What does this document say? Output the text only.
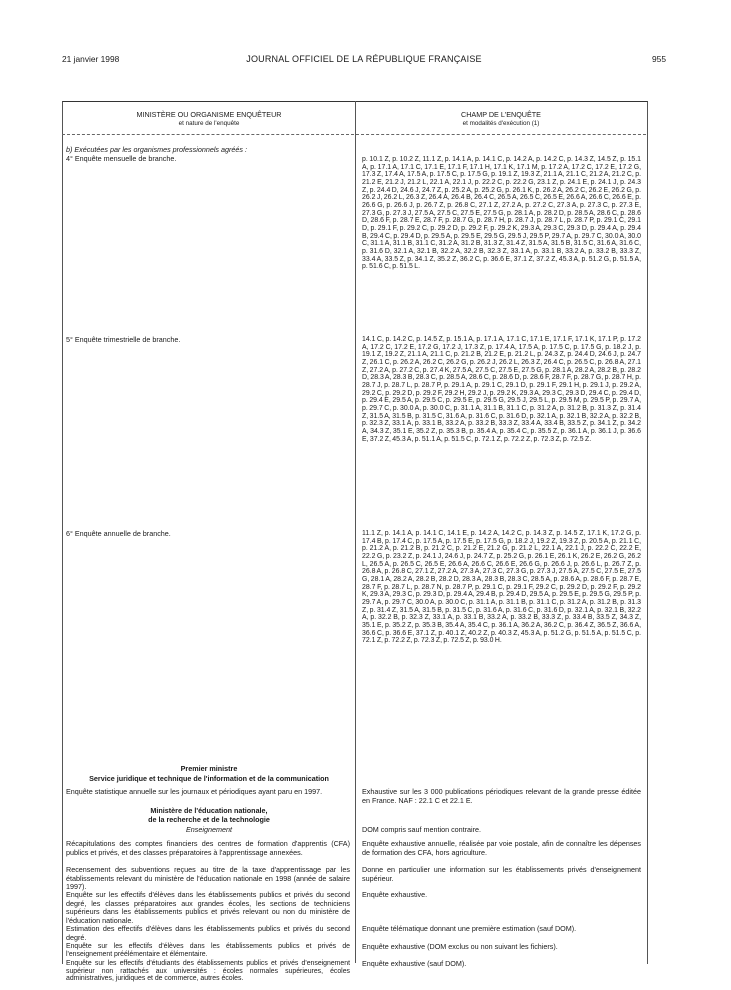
21 janvier 1998	JOURNAL OFFICIEL DE LA RÉPUBLIQUE FRANÇAISE	955
MINISTÈRE OU ORGANISME ENQUÊTEUR
et nature de l'enquête
CHAMP DE L'ENQUÊTE
et modalités d'exécution (1)
b) Exécutées par les organismes professionnels agréés :
4° Enquête mensuelle de branche.	p. 10.1 Z, p. 10.2 Z, 11.1 Z, p. 14.1 A, p. 14.1 C, p. 14.2 A, p. 14.2 C, p. 14.3 Z, 14.5 Z, p. 15.1 A, p. 17.1 A, 17.1 C, 17.1 E, 17.1 F, 17.1 H, 17.1 K, 17.1 M, p. 17.2 A, 17.2 C, 17.2 E, 17.2 G, 17.3 Z, 17.4 A, 17.5 A, p. 17.5 C, p. 17.5 G, p. 19.1 Z, 19.3 Z, 21.1 A, 21.1 C, 21.2 A, 21.2 C, p. 21.2 E, 21.2 J, 21.2 L, 22.1 A, 22.1 J, p. 22.2 C, p. 22.2 G, 23.1 Z, p. 24.1 E, p. 24.1 J, p. 24.3 Z, p. 24.4 D, 24.6 J, 24.7 Z, p. 25.2 A, p. 25.2 G, p. 26.1 K, p. 26.2 A, 26.2 C, 26.2 E, 26.2 G, p. 26.2 J, 26.2 L, 26.3 Z, 26.4 A, 26.4 B, 26.4 C, 26.5 A, 26.5 C, 26.5 E, 26.6 A, 26.6 C, 26.6 E, p. 26.6 G, p. 26.6 J, p. 26.7 Z, p. 26.8 C, 27.1 Z, 27.2 A, p. 27.2 C, 27.3 A, p. 27.3 C, p. 27.3 E, 27.3 G, p. 27.3 J, 27.5 A, 27.5 C, 27.5 E, 27.5 G, p. 28.1 A, p. 28.2 D, p. 28.5 A, 28.6 C, p. 28.6 D, 28.6 F, p. 28.7 E, 28.7 F, p. 28.7 G, p. 28.7 H, p. 28.7 J, p. 28.7 L, p. 28.7 P, p. 29.1 C, 29.1 D, p. 29.1 F, p. 29.2 C, p. 29.2 D, p. 29.2 F, p. 29.2 K, 29.3 A, 29.3 C, 29.3 D, p. 29.4 A, p. 29.4 B, 29.4 C, p. 29.4 D, p. 29.5 A, p. 29.5 E, 29.5 G, 29.5 J, 29.5 P, 29.7 A, p. 29.7 C, 30.0 A, 30.0 C, 31.1 A, 31.1 B, 31.1 C, 31.2 A, 31.2 B, 31.3 Z, 31.4 Z, 31.5 A, 31.5 B, 31.5 C, 31.6 A, 31.6 C, p. 31.6 D, 32.1 A, 32.1 B, 32.2 A, 32.2 B, 32.3 Z, 33.1 A, p. 33.1 B, 33.2 A, p. 33.2 B, 33.3 Z, 33.4 A, 33.5 Z, p. 34.1 Z, 35.2 Z, 36.2 C, p. 36.6 E, 37.1 Z, 37.2 Z, 45.3 A, p. 51.2 G, p. 51.5 A, p. 51.6 C, p. 51.5 L.
5° Enquête trimestrielle de branche.	14.1 C, p. 14.2 C, p. 14.5 Z, p. 15.1 A, p. 17.1 A, 17.1 C, 17.1 E, 17.1 F, 17.1 K, 17.1 P, p. 17.2 A, 17.2 C, 17.2 E, 17.2 G, 17.2 J, 17.3 Z, p. 17.4 A, 17.5 A, p. 17.5 C, p. 17.5 G, p. 18.2 J, p. 19.1 Z, 19.2 Z, 21.1 A, 21.1 C, p. 21.2 B, 21.2 E, p. 21.2 L, p. 24.3 Z, p. 24.4 D, 24.6 J, p. 24.7 Z, 26.1 C, p. 26.2 A, 26.2 C, 26.2 G, p. 26.2 J, 26.2 L, 26.3 Z, 26.4 C, p. 26.5 C, p. 26.8 A, 27.1 Z, 27.2 A, p. 27.2 C, p. 27.4 K, 27.5 A, 27.5 C, 27.5 E, 27.5 G, p. 28.1 A, 28.2 A, 28.2 B, p. 28.2 D, 28.3 A, 28.3 B, 28.3 C, p. 28.5 A, 28.6 C, p. 28.6 D, p. 28.6 F, 28.7 F, p. 28.7 G, p. 28.7 H, p. 28.7 J, p. 28.7 L, p. 28.7 P, p. 29.1 A, p. 29.1 C, 29.1 D, p. 29.1 F, 29.1 H, p. 29.1 J, p. 29.2 A, 29.2 C, p. 29.2 D, p. 29.2 F, 29.2 H, 29.2 J, p. 29.2 K, 29.3 A, 29.3 C, 29.3 D, 29.4 C, p. 29.4 D, p. 29.4 E, 29.5 A, p. 29.5 C, p. 29.5 E, p. 29.5 G, 29.5 J, 29.5 L, p. 29.5 M, p. 29.5 P, p. 29.7 A, p. 29.7 C, p. 30.0 A, p. 30.0 C, p. 31.1 A, 31.1 B, 31.1 C, p. 31.2 A, p. 31.2 B, p. 31.3 Z, p. 31.4 Z, 31.5 A, 31.5 B, p. 31.5 C, 31.6 A, p. 31.6 C, p. 31.6 D, p. 32.1 A, p. 32.1 B, 32.2 A, p. 32.2 B, p. 32.3 Z, 33.1 A, p. 33.1 B, 33.2 A, p. 33.2 B, 33.3 Z, 33.4 A, 33.4 B, 33.5 Z, p. 34.1 Z, p. 34.2 A, 34.3 Z, 35.1 E, 35.2 Z, p. 35.3 B, p. 35.4 A, p. 35.4 C, p. 35.5 Z, p. 36.1 A, p. 36.1 J, p. 36.6 E, 37.2 Z, 45.3 A, p. 51.1 A, p. 51.5 C, p. 72.1 Z, p. 72.2 Z, p. 72.3 Z, p. 72.5 Z.
6° Enquête annuelle de branche.	11.1 Z, p. 14.1 A, p. 14.1 C, 14.1 E, p. 14.2 A, 14.2 C, p. 14.3 Z, p. 14.5 Z, 17.1 K, 17.2 G, p. 17.4 B, p. 17.4 C, p. 17.5 A, p. 17.5 E, p. 17.5 G, p. 18.2 J, 19.2 Z, 19.3 Z, p. 20.5 A, p. 21.1 C, p. 21.2 A, p. 21.2 B, p. 21.2 C, p. 21.2 E, 21.2 G, p. 21.2 L, 22.1 A, 22.1 J, p. 22.2 C, 22.2 E, 22.2 G, p. 23.2 Z, p. 24.1 J, 24.6 J, p. 24.7 Z, p. 25.2 G, p. 26.1 E, 26.1 K, 26.2 E, 26.2 G, 26.2 L, 26.5 A, p. 26.5 C, 26.5 E, 26.6 A, 26.6 C, 26.6 E, 26.6 G, p. 26.6 J, p. 26.6 L, p. 26.7 Z, p. 26.8 A, p. 26.8 C, 27.1 Z, 27.2 A, 27.3 A, 27.3 C, 27.3 G, p. 27.3 J, 27.5 A, 27.5 C, 27.5 E, 27.5 G, 28.1 A, 28.2 A, 28.2 B, 28.2 D, 28.3 A, 28.3 B, 28.3 C, 28.5 A, p. 28.6 A, p. 28.6 F, p. 28.7 E, 28.7 F, p. 28.7 L, p. 28.7 N, p. 28.7 P, p. 29.1 C, p. 29.1 F, 29.2 C, p. 29.2 D, p. 29.2 F, p. 29.2 K, 29.3 A, 29.3 C, p. 29.3 D, p. 29.4 A, 29.4 B, p. 29.4 D, 29.5 A, p. 29.5 E, p. 29.5 G, 29.5 P, p. 29.7 A, p. 29.7 C, 30.0 A, p. 30.0 C, p. 31.1 A, p. 31.1 B, p. 31.1 C, p. 31.2 A, p. 31.2 B, p. 31.3 Z, p. 31.4 Z, 31.5 A, 31.5 B, p. 31.5 C, p. 31.6 A, p. 31.6 C, p. 31.6 D, p. 32.1 A, p. 32.1 B, 32.2 A, p. 32.2 B, p. 32.3 Z, 33.1 A, p. 33.1 B, 33.2 A, p. 33.2 B, 33.3 Z, p. 33.4 B, 33.5 Z, 34.3 Z, 35.1 E, p. 35.2 Z, p. 35.3 B, 35.4 A, 35.4 C, p. 36.1 A, 36.2 A, 36.2 C, p. 36.4 Z, 36.5 Z, 36.6 A, 36.6 C, p. 36.6 E, 37.1 Z, p. 40.1 Z, 40.2 Z, p. 40.3 Z, 45.3 A, p. 51.2 G, p. 51.5 A, p. 51.5 C, p. 72.1 Z, p. 72.2 Z, p. 72.3 Z, p. 72.5 Z, p. 93.0 H.
Premier ministre
Service juridique et technique de l'information et de la communication
Enquête statistique annuelle sur les journaux et périodiques ayant paru en 1997.	Exhaustive sur les 3 000 publications périodiques relevant de la grande presse éditée en France. NAF : 22.1 C et 22.1 E.
Ministère de l'éducation nationale,
de la recherche et de la technologie
Enseignement	DOM compris sauf mention contraire.
Récapitulations des comptes financiers des centres de formation d'apprentis (CFA) publics et privés, et des classes préparatoires à l'apprentissage annexées.
Enquête exhaustive annuelle, réalisée par voie postale, afin de connaître les dépenses de formation des CFA, hors agriculture.
Recensement des subventions reçues au titre de la taxe d'apprentissage par les établissements relevant du ministère de l'éducation nationale en 1998 (année de salaire 1997).
Donne en particulier une information sur les établissements privés d'enseignement supérieur.
Enquête sur les effectifs d'élèves dans les établissements publics et privés du second degré, les classes préparatoires aux grandes écoles, les sections de techniciens supérieurs dans les établissements publics et privés relevant ou non du ministère de l'éducation nationale.
Enquête exhaustive.
Estimation des effectifs d'élèves dans les établissements publics et privés du second degré.
Enquête télématique donnant une première estimation (sauf DOM).
Enquête sur les effectifs d'élèves dans les établissements publics et privés de l'enseignement préélémentaire et élémentaire.
Enquête exhaustive (DOM exclus ou non suivant les fichiers).
Enquête sur les effectifs d'étudiants des établissements publics et privés d'enseignement supérieur non rattachés aux universités : écoles normales supérieures, écoles administratives, juridiques et de commerce, autres écoles.
Enquête exhaustive (sauf DOM).
